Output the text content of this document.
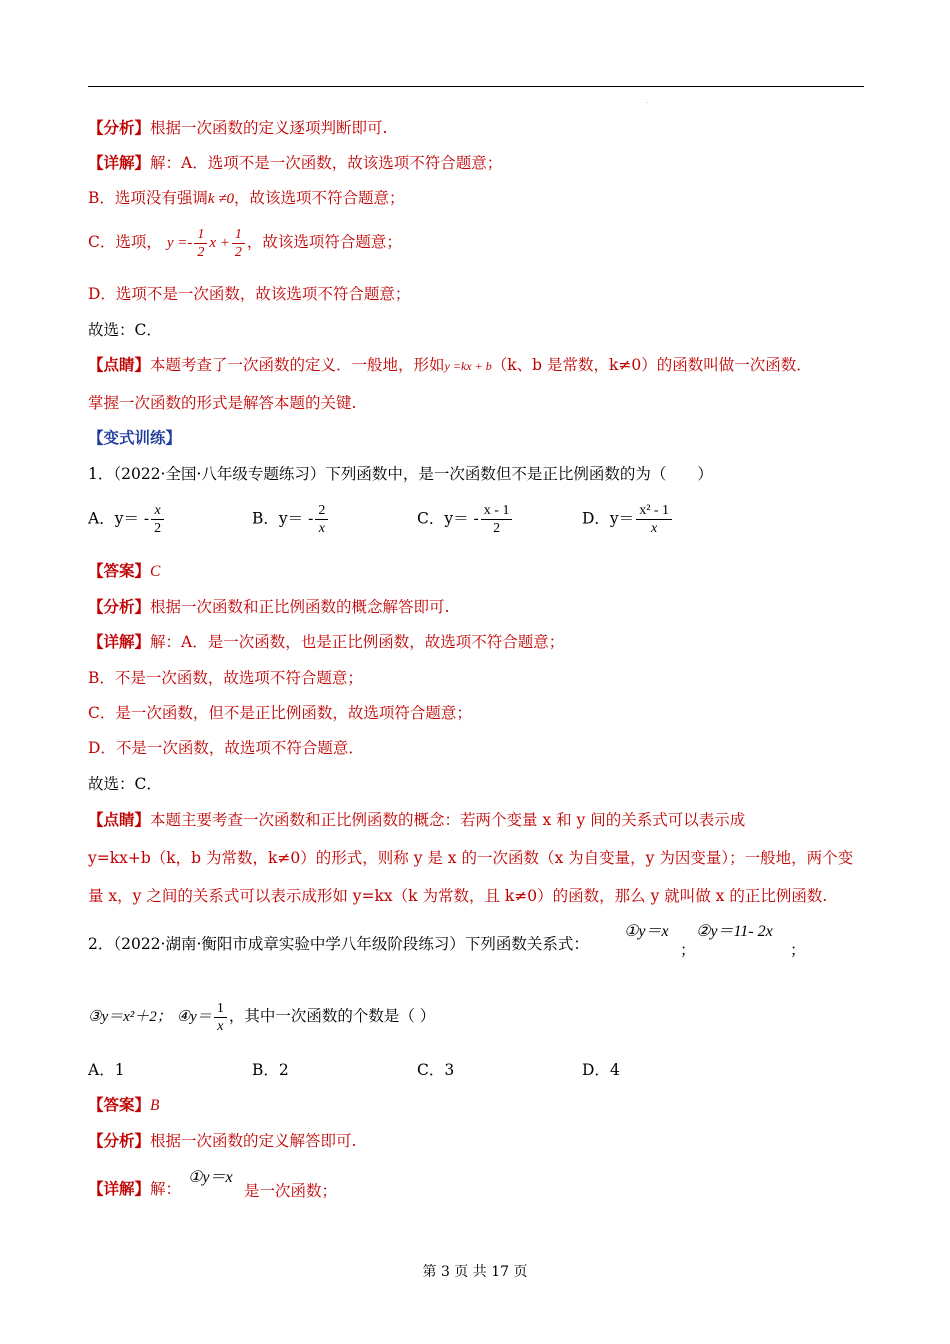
.
【分析】根据一次函数的定义逐项判断即可.
【详解】解：A．选项不是一次函数，故该选项不符合题意；
B．选项没有强调k ≠0，故该选项不符合题意；
C．选项， $y =- \frac{1}{2}$ $x + \frac{1}{2}$ ，故该选项符合题意；
D．选项不是一次函数，故该选项不符合题意；
故选：C．
【点睛】本题考查了一次函数的定义．一般地，形如y =kx + b（k、b 是常数，k≠0）的函数叫做一次函数．
掌握一次函数的形式是解答本题的关键.
【变式训练】
1．（2022·全国·八年级专题练习）下列函数中，是一次函数但不是正比例函数的为（　　）
A．$y= - \frac{x}{2}$	B．$y= - \frac{2}{x}$	C．$y= - \frac{x - 1}{2}$	D．$y= \frac{\text{x² - 1}}{x}$
【答案】C
【分析】根据一次函数和正比例函数的概念解答即可.
【详解】解：A．是一次函数，也是正比例函数，故选项不符合题意；
B．不是一次函数，故选项不符合题意；
C．是一次函数，但不是正比例函数，故选项符合题意；
D．不是一次函数，故选项不符合题意．
故选：C．
【点睛】本题主要考查一次函数和正比例函数的概念：若两个变量 x 和 y 间的关系式可以表示成
y=kx+b（k，b 为常数，k≠0）的形式，则称 y 是 x 的一次函数（x 为自变量，y 为因变量）；一般地，两个变
量 x，y 之间的关系式可以表示成形如 y=kx（k 为常数，且 k≠0）的函数，那么 y 就叫做 x 的正比例函数.
2．（2022·湖南·衡阳市成章实验中学八年级阶段练习）下列函数关系式：
①y＝x
；
②y＝11- 2x
；
③y＝x²＋2； ④y＝ $\frac{1}{x}$ ，其中一次函数的个数是（ ）
A．1	B．2	C．3	D．4
【答案】B
【分析】根据一次函数的定义解答即可.
【详解】解：
①y＝x
是一次函数；
第 3 页 共 17 页
